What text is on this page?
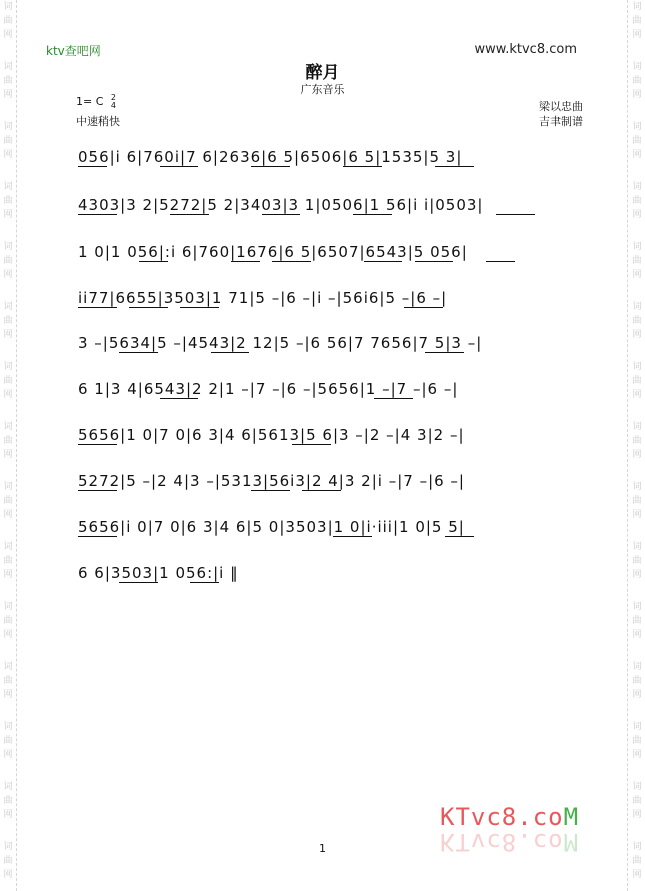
词
曲
网
词
曲
网
词
曲
网
词
曲
网
词
曲
网
词
曲
网
词
曲
网
词
曲
网
词
曲
网
词
曲
网
词
曲
网
词
曲
网
词
曲
网
词
曲
网
词
曲
网
词
曲
网
词
曲
网
词
曲
网
词
曲
网
词
曲
网
词
曲
网
词
曲
网
词
曲
网
词
曲
网
词
曲
网
词
曲
网
词
曲
网
词
曲
网
词
曲
网
词
曲
网
ktv查吧网	www.ktvc8.com
醉月
广东音乐
1= C 2
4
中速稍快
梁以忠曲
吉聿制谱
056|i 6|760i|7 6|2636|6 5|6506|6 5|1535|5 3|
4303|3 2|5272|5 2|3403|3 1|0506|1 56|i i|0503|
1 0|1 056|:i 6|760|1676|6 5|6507|6543|5 056|
ii77|6655|3503|1 71|5 –|6 –|i –|56i6|5 –|6 –|
3 –|5634|5 –|4543|2 12|5 –|6 56|7 7656|7 5|3 –|
6 1|3 4|6543|2 2|1 –|7 –|6 –|5656|1 –|7 –|6 –|
5656|1 0|7 0|6 3|4 6|5613|5 6|3 –|2 –|4 3|2 –|
5272|5 –|2 4|3 –|5313|56i3|2 4|3 2|i –|7 –|6 –|
5656|i 0|7 0|6 3|4 6|5 0|3503|1 0|i·iii|1 0|5 5|
6 6|3503|1 056:|i ‖
KTvc8.coM
KTvc8.coM
1
